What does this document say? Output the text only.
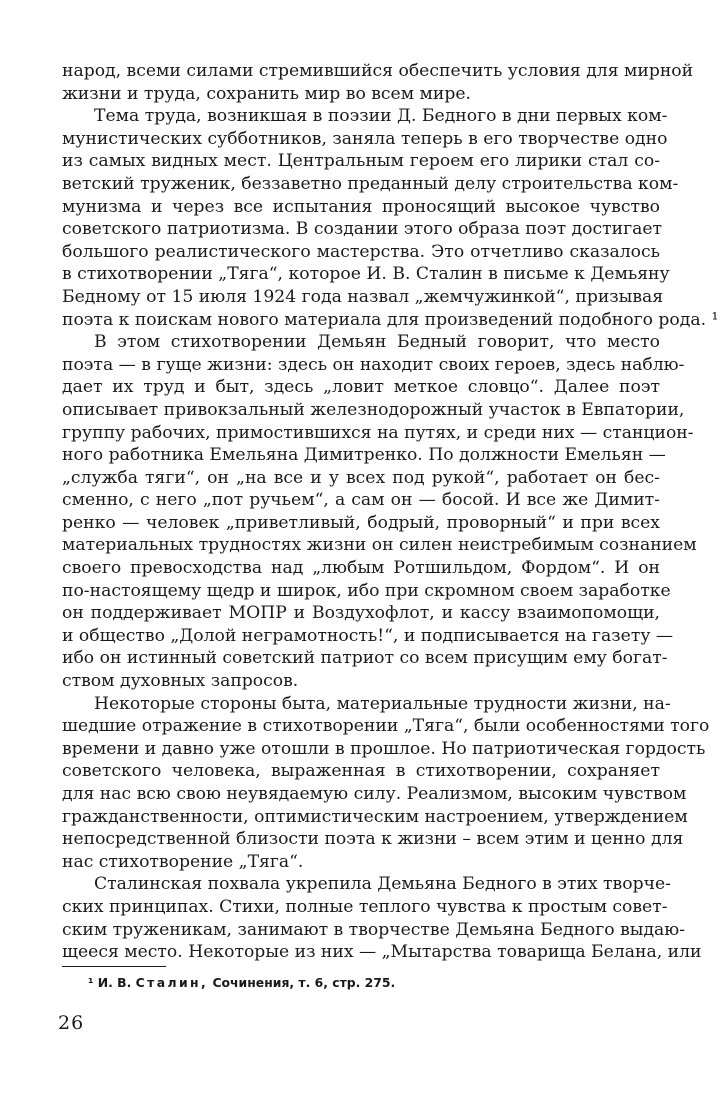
народ, всеми силами стремившийся обеспечить условия для мирной
жизни и труда, сохранить мир во всем мире.
Тема труда, возникшая в поэзии Д. Бедного в дни первых ком-
мунистических субботников, заняла теперь в его творчестве одно
из самых видных мест. Центральным героем его лирики стал со-
ветский труженик, беззаветно преданный делу строительства ком-
мунизма и через все испытания проносящий высокое чувство
советского патриотизма. В создании этого образа поэт достигает
большого реалистического мастерства. Это отчетливо сказалось
в стихотворении „Тяга“, которое И. В. Сталин в письме к Демьяну
Бедному от 15 июля 1924 года назвал „жемчужинкой“, призывая
поэта к поискам нового материала для произведений подобного рода. ¹
В этом стихотворении Демьян Бедный говорит, что место
поэта — в гуще жизни: здесь он находит своих героев, здесь наблю-
дает их труд и быт, здесь „ловит меткое словцо“. Далее поэт
описывает привокзальный железнодорожный участок в Евпатории,
группу рабочих, примостившихся на путях, и среди них — станцион-
ного работника Емельяна Димитренко. По должности Емельян —
„служба тяги“, он „на все и у всех под рукой“, работает он бес-
сменно, с него „пот ручьем“, а сам он — босой. И все же Димит-
ренко — человек „приветливый, бодрый, проворный“ и при всех
материальных трудностях жизни он силен неистребимым сознанием
своего превосходства над „любым Ротшильдом, Фордом“. И он
по-настоящему щедр и широк, ибо при скромном своем заработке
он поддерживает МОПР и Воздухофлот, и кассу взаимопомощи,
и общество „Долой неграмотность!“, и подписывается на газету —
ибо он истинный советский патриот со всем присущим ему богат-
ством духовных запросов.
Некоторые стороны быта, материальные трудности жизни, на-
шедшие отражение в стихотворении „Тяга“, были особенностями того
времени и давно уже отошли в прошлое. Но патриотическая гордость
советского человека, выраженная в стихотворении, сохраняет
для нас всю свою неувядаемую силу. Реализмом, высоким чувством
гражданственности, оптимистическим настроением, утверждением
непосредственной близости поэта к жизни – всем этим и ценно для
нас стихотворение „Тяга“.
Сталинская похвала укрепила Демьяна Бедного в этих творче-
ских принципах. Стихи, полные теплого чувства к простым совет-
ским труженикам, занимают в творчестве Демьяна Бедного выдаю-
щееся место. Некоторые из них — „Мытарства товарища Белана, или
¹ И. В. Сталин, Сочинения, т. 6, стр. 275.
26
